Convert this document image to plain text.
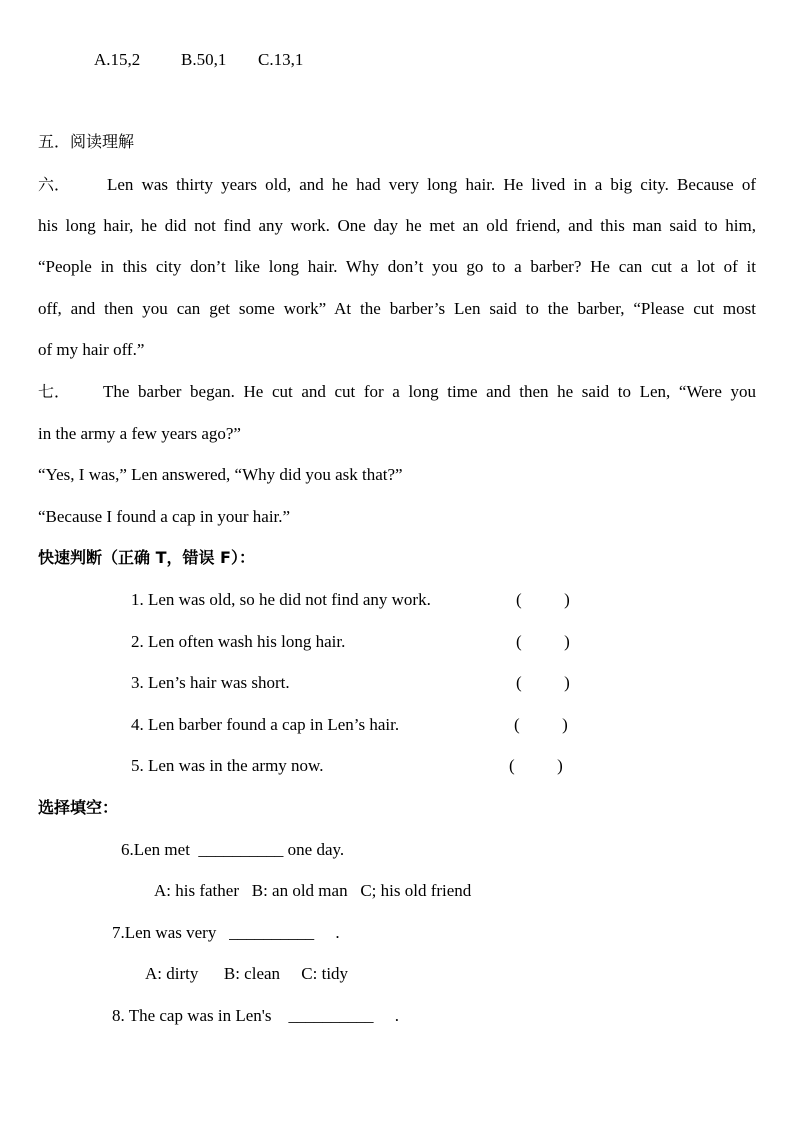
A.15,2 B.50,1 C.13,1
五．阅读理解
六． Len was thirty years old, and he had very long hair. He lived in a big city. Because of
his long hair, he did not find any work. One day he met an old friend, and this man said to him,
“People in this city don’t like long hair. Why don’t you go to a barber? He can cut a lot of it
off, and then you can get some work” At the barber’s Len said to the barber, “Please cut most
of my hair off.”
七． The barber began. He cut and cut for a long time and then he said to Len, “Were you
in the army a few years ago?”
“Yes, I was,” Len answered, “Why did you ask that?”
“Because I found a cap in your hair.”
快速判断（正确 T，错误 F）：
1. Len was old, so he did not find any work.	(          )
2. Len often wash his long hair.	(          )
3. Len’s hair was short.	(          )
4. Len barber found a cap in Len’s hair.	(          )
5. Len was in the army now.	(          )
选择填空：
6.Len met  __________ one day.
A: his father   B: an old man   C; his old friend
7.Len was very   __________     .
A: dirty      B: clean     C: tidy
8. The cap was in Len's    __________     .
